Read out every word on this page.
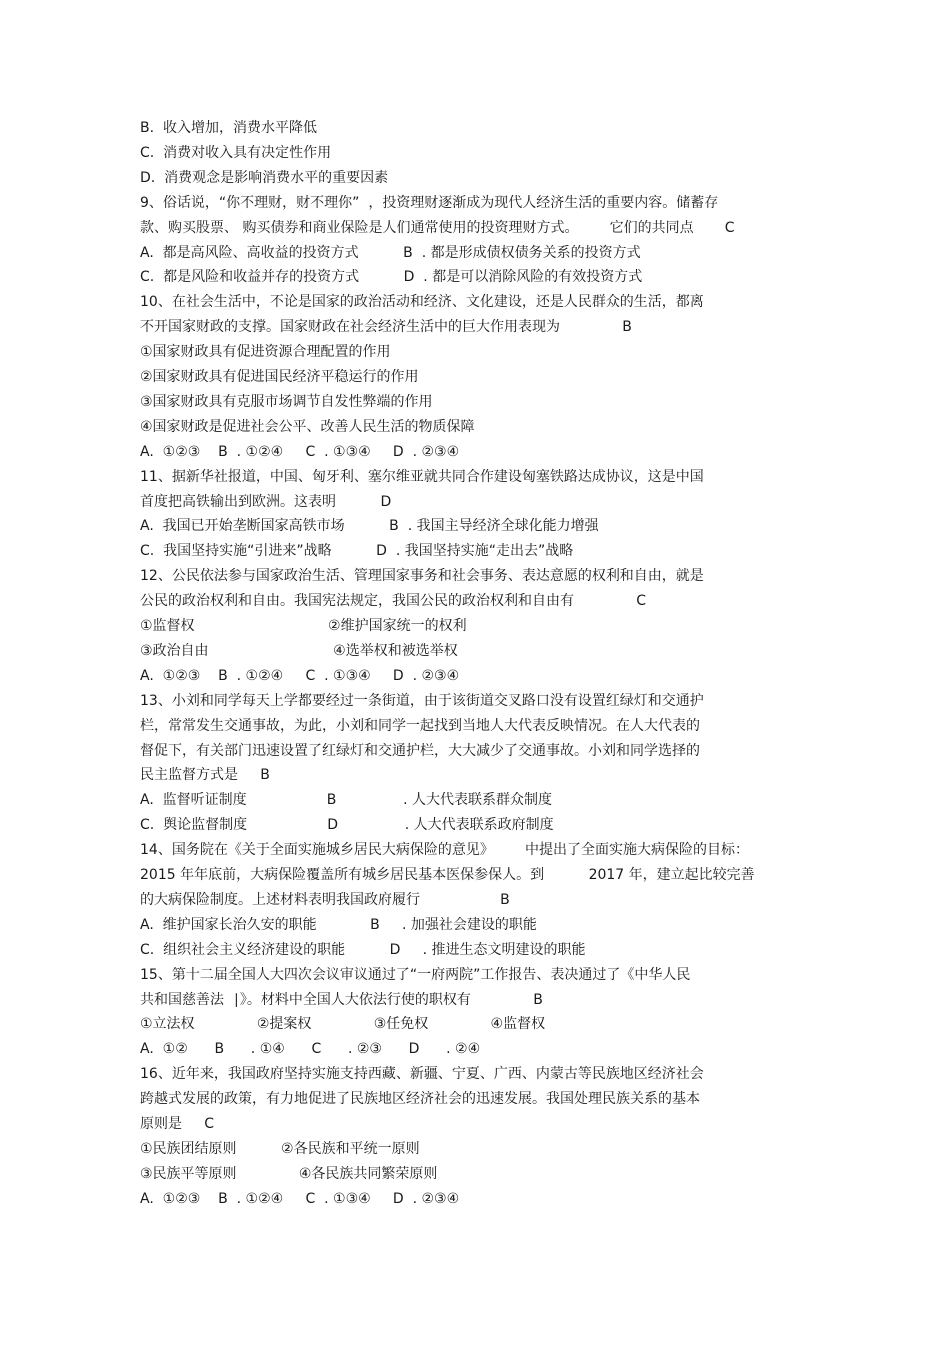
B.  收入增加，消费水平降低
C.  消费对收入具有决定性作用
D.  消费观念是影响消费水平的重要因素
9、俗话说，“你不理财，财不理你”  ，投资理财逐渐成为现代人经济生活的重要内容。储蓄存
款、购买股票、 购买债券和商业保险是人们通常使用的投资理财方式。       它们的共同点       C
A.  都是高风险、高收益的投资方式          B  . 都是形成债权债务关系的投资方式
C.  都是风险和收益并存的投资方式          D  . 都是可以消除风险的有效投资方式
10、在社会生活中，不论是国家的政治活动和经济、文化建设，还是人民群众的生活，都离
不开国家财政的支撑。国家财政在社会经济生活中的巨大作用表现为              B
①国家财政具有促进资源合理配置的作用
②国家财政具有促进国民经济平稳运行的作用
③国家财政具有克服市场调节自发性弊端的作用
④国家财政是促进社会公平、改善人民生活的物质保障
A.  ①②③    B  . ①②④     C  . ①③④     D  . ②③④
11、据新华社报道，中国、匈牙利、塞尔维亚就共同合作建设匈塞铁路达成协议，这是中国
首度把高铁输出到欧洲。这表明          D
A.  我国已开始垄断国家高铁市场          B  . 我国主导经济全球化能力增强
C.  我国坚持实施“引进来”战略          D  . 我国坚持实施“走出去”战略
12、公民依法参与国家政治生活、管理国家事务和社会事务、表达意愿的权利和自由，就是
公民的政治权利和自由。我国宪法规定，我国公民的政治权利和自由有              C
①监督权                              ②维护国家统一的权利
③政治自由                            ④选举权和被选举权
A.  ①②③    B  . ①②④     C  . ①③④     D  . ②③④
13、小刘和同学每天上学都要经过一条街道，由于该街道交叉路口没有设置红绿灯和交通护
栏，常常发生交通事故，为此，小刘和同学一起找到当地人大代表反映情况。在人大代表的
督促下，有关部门迅速设置了红绿灯和交通护栏，大大减少了交通事故。小刘和同学选择的
民主监督方式是     B
A.  监督听证制度                  B               . 人大代表联系群众制度
C.  舆论监督制度                  D               . 人大代表联系政府制度
14、国务院在《关于全面实施城乡居民大病保险的意见》       中提出了全面实施大病保险的目标：
2015 年年底前，大病保险覆盖所有城乡居民基本医保参保人。到          2017 年，建立起比较完善
的大病保险制度。上述材料表明我国政府履行                  B
A.  维护国家长治久安的职能            B     . 加强社会建设的职能
C.  组织社会主义经济建设的职能          D     . 推进生态文明建设的职能
15、第十二届全国人大四次会议审议通过了“一府两院”工作报告、表决通过了《中华人民
共和国慈善法  ∣》。材料中全国人大依法行使的职权有              B
①立法权              ②提案权              ③任免权              ④监督权
A.  ①②      B      . ①④      C      . ②③      D      . ②④
16、近年来，我国政府坚持实施支持西藏、新疆、宁夏、广西、内蒙古等民族地区经济社会
跨越式发展的政策，有力地促进了民族地区经济社会的迅速发展。我国处理民族关系的基本
原则是     C
①民族团结原则          ②各民族和平统一原则
③民族平等原则              ④各民族共同繁荣原则
A.  ①②③    B  . ①②④     C  . ①③④     D  . ②③④
